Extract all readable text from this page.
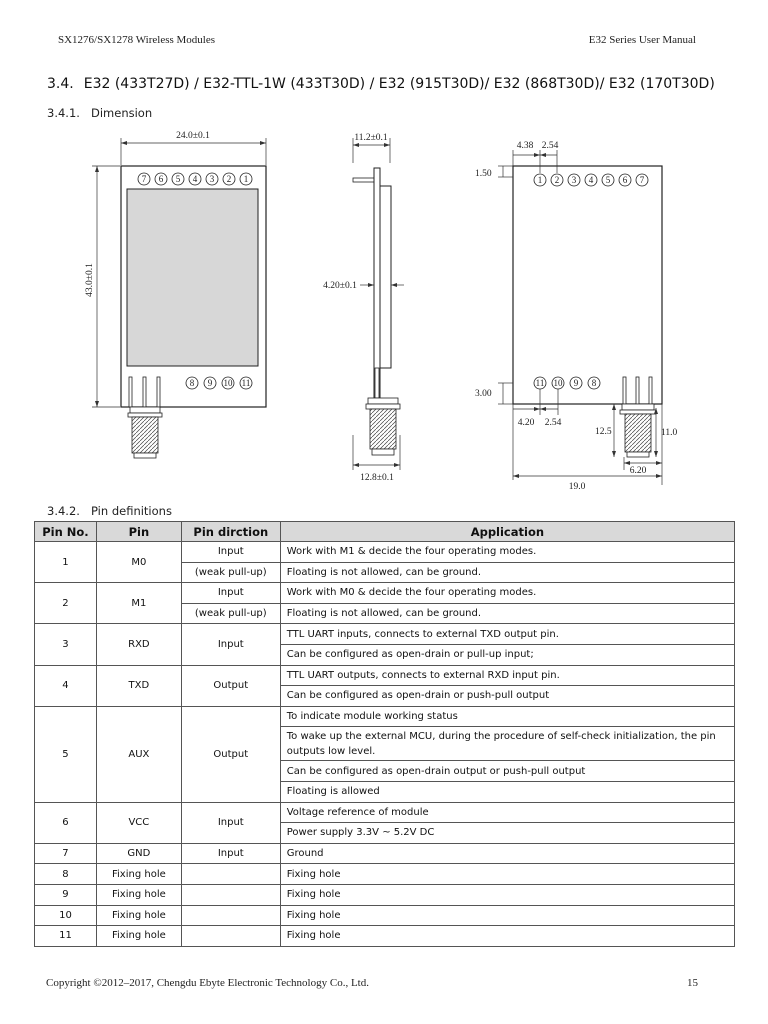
SX1276/SX1278 Wireless Modules	E32 Series User Manual
3.4. E32 (433T27D) / E32-TTL-1W (433T30D) / E32 (915T30D)/ E32 (868T30D)/ E32 (170T30D)
3.4.1. Dimension
24.0±0.1
43.0±0.1
7 6 5 4 3 2 1
8 9 10 11
11.2±0.1
4.20±0.1
12.8±0.1
4.38 2.54
1.50
1 2 3 4 5 6 7
11 10 9 8
3.00
4.20 2.54
12.5	11.0
6.20
19.0
3.4.2. Pin definitions
Pin No.	Pin	Pin dirction	Application
1	M0	Input	Work with M1 & decide the four operating modes.
		(weak pull-up)	Floating is not allowed, can be ground.
2	M1	Input	Work with M0 & decide the four operating modes.
		(weak pull-up)	Floating is not allowed, can be ground.
3	RXD	Input	TTL UART inputs, connects to external TXD output pin.
			Can be configured as open-drain or pull-up input;
4	TXD	Output	TTL UART outputs, connects to external RXD input pin.
			Can be configured as open-drain or push-pull output
5	AUX	Output	To indicate module working status
			To wake up the external MCU, during the procedure of self-check initialization, the pin outputs low level.
			Can be configured as open-drain output or push-pull output
			Floating is allowed
6	VCC	Input	Voltage reference of module
			Power supply 3.3V ~ 5.2V DC
7	GND	Input	Ground
8	Fixing hole		Fixing hole
9	Fixing hole		Fixing hole
10	Fixing hole		Fixing hole
11	Fixing hole		Fixing hole
Copyright ©2012–2017, Chengdu Ebyte Electronic Technology Co., Ltd.	15
